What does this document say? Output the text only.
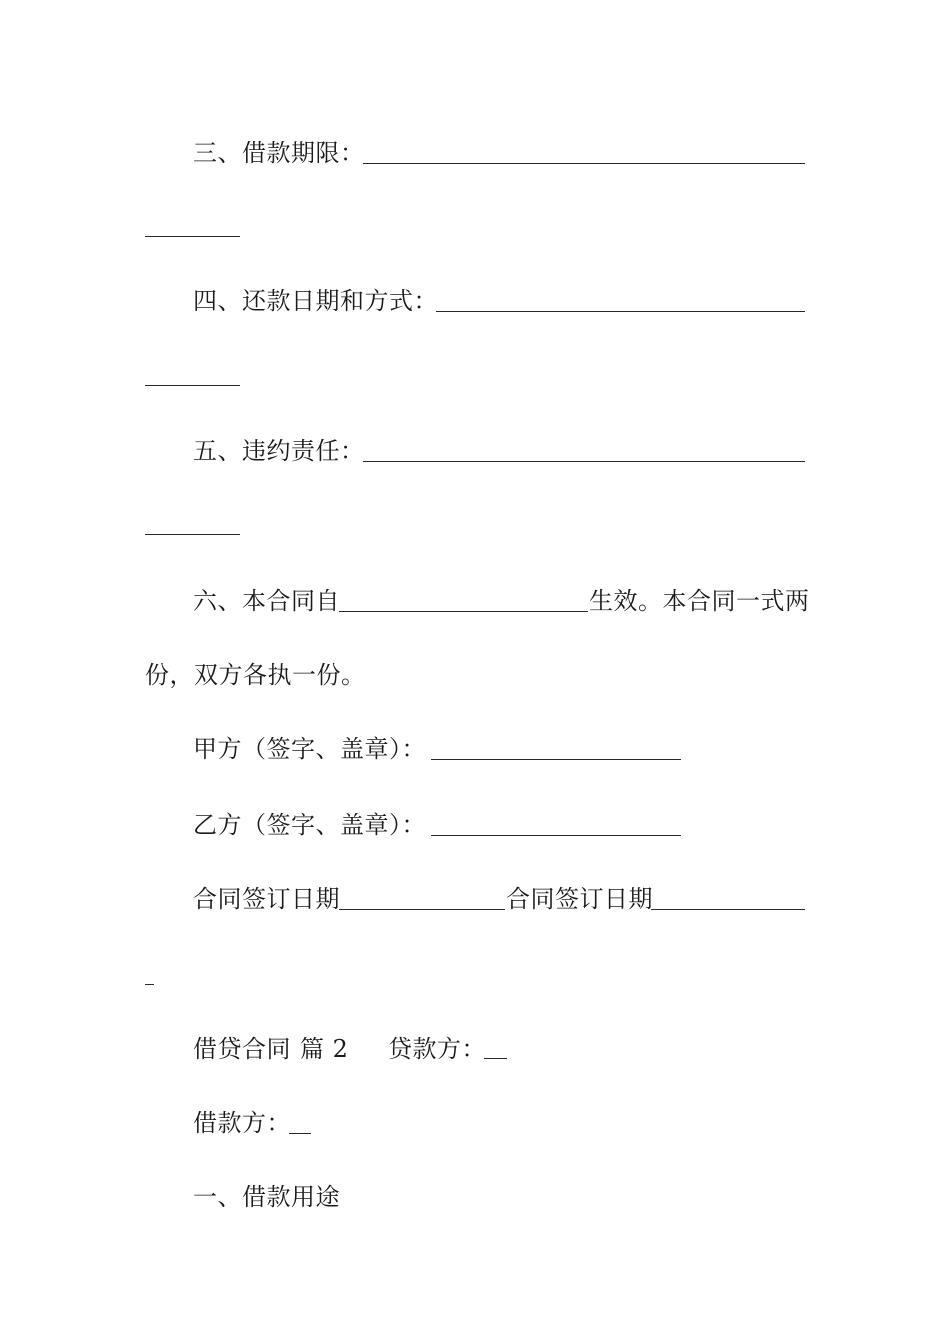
三、借款期限：
四、还款日期和方式：
五、违约责任：
六、本合同自	生效。本合同一式两
份，双方各执一份。
甲方（签字、盖章）：
乙方（签字、盖章）：
合同签订日期	合同签订日期
借贷合同 篇 2 贷款方：
借款方：
一、借款用途
